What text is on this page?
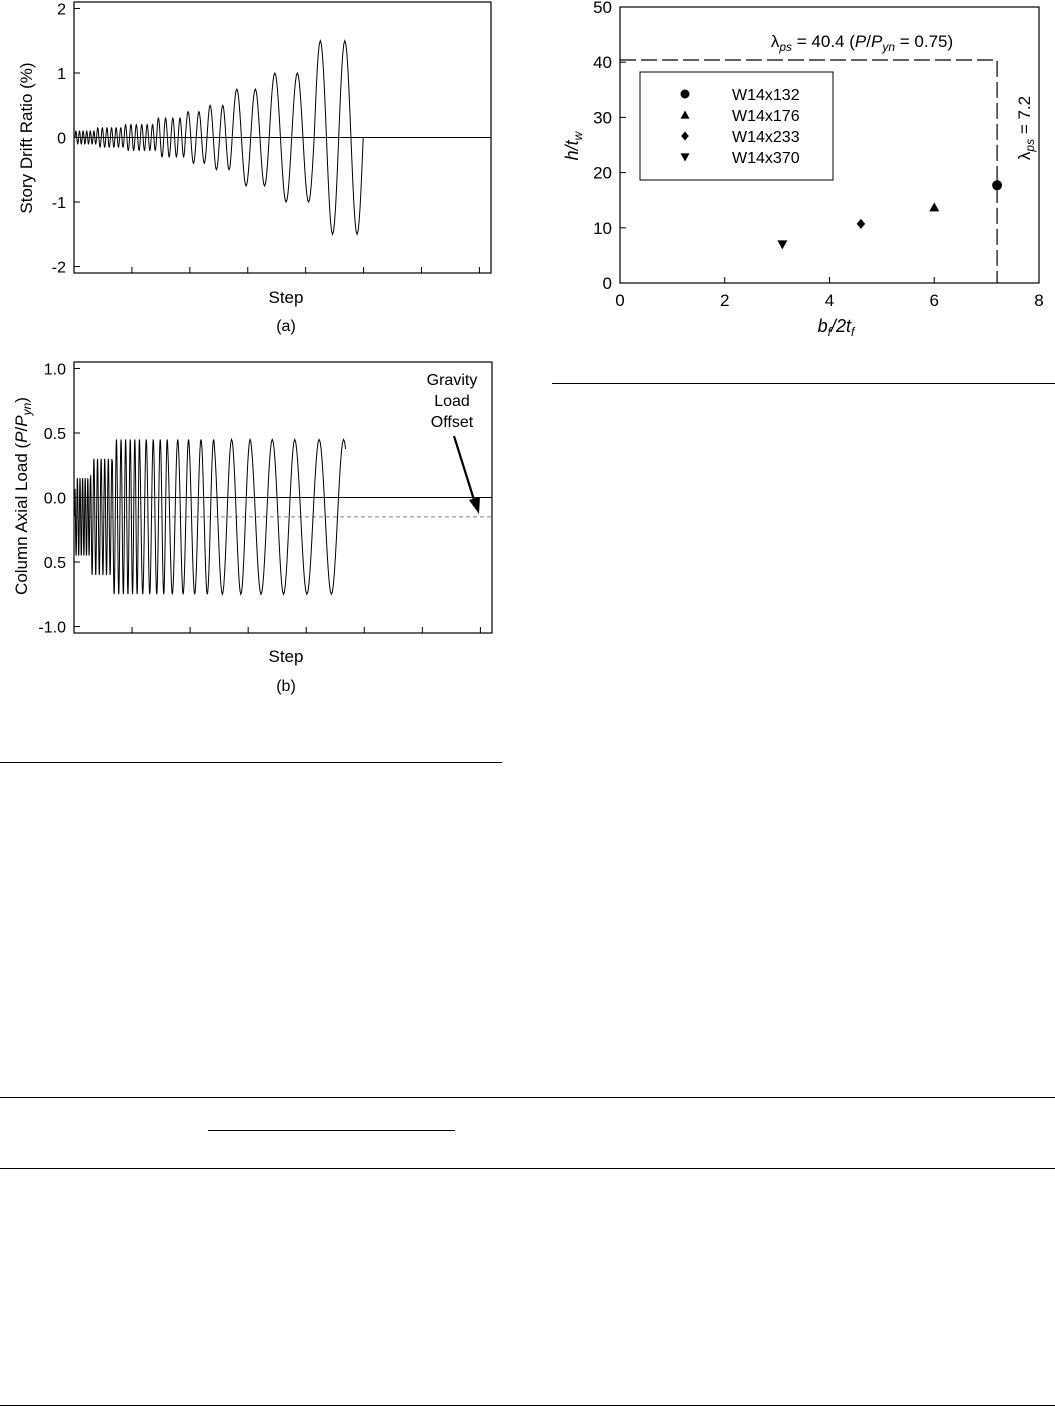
-2
-1
0
1
2
Story Drift Ratio (%)
Step
(a)
-1.0
0.5
0.0
0.5
1.0
Column Axial Load $(P/P_{yn})$
Step
(b)
Gravity
Load
Offset
0
10
20
30
40
50
0	2	4	6	8
W14x132
W14x176
W14x233
W14x370
$b_f/2t_f$
$h/t_w$
$\lambda_{ps} = 40.4$ $(P/P_{yn} = 0.75)$
$\lambda_{ps} = 7.2$
